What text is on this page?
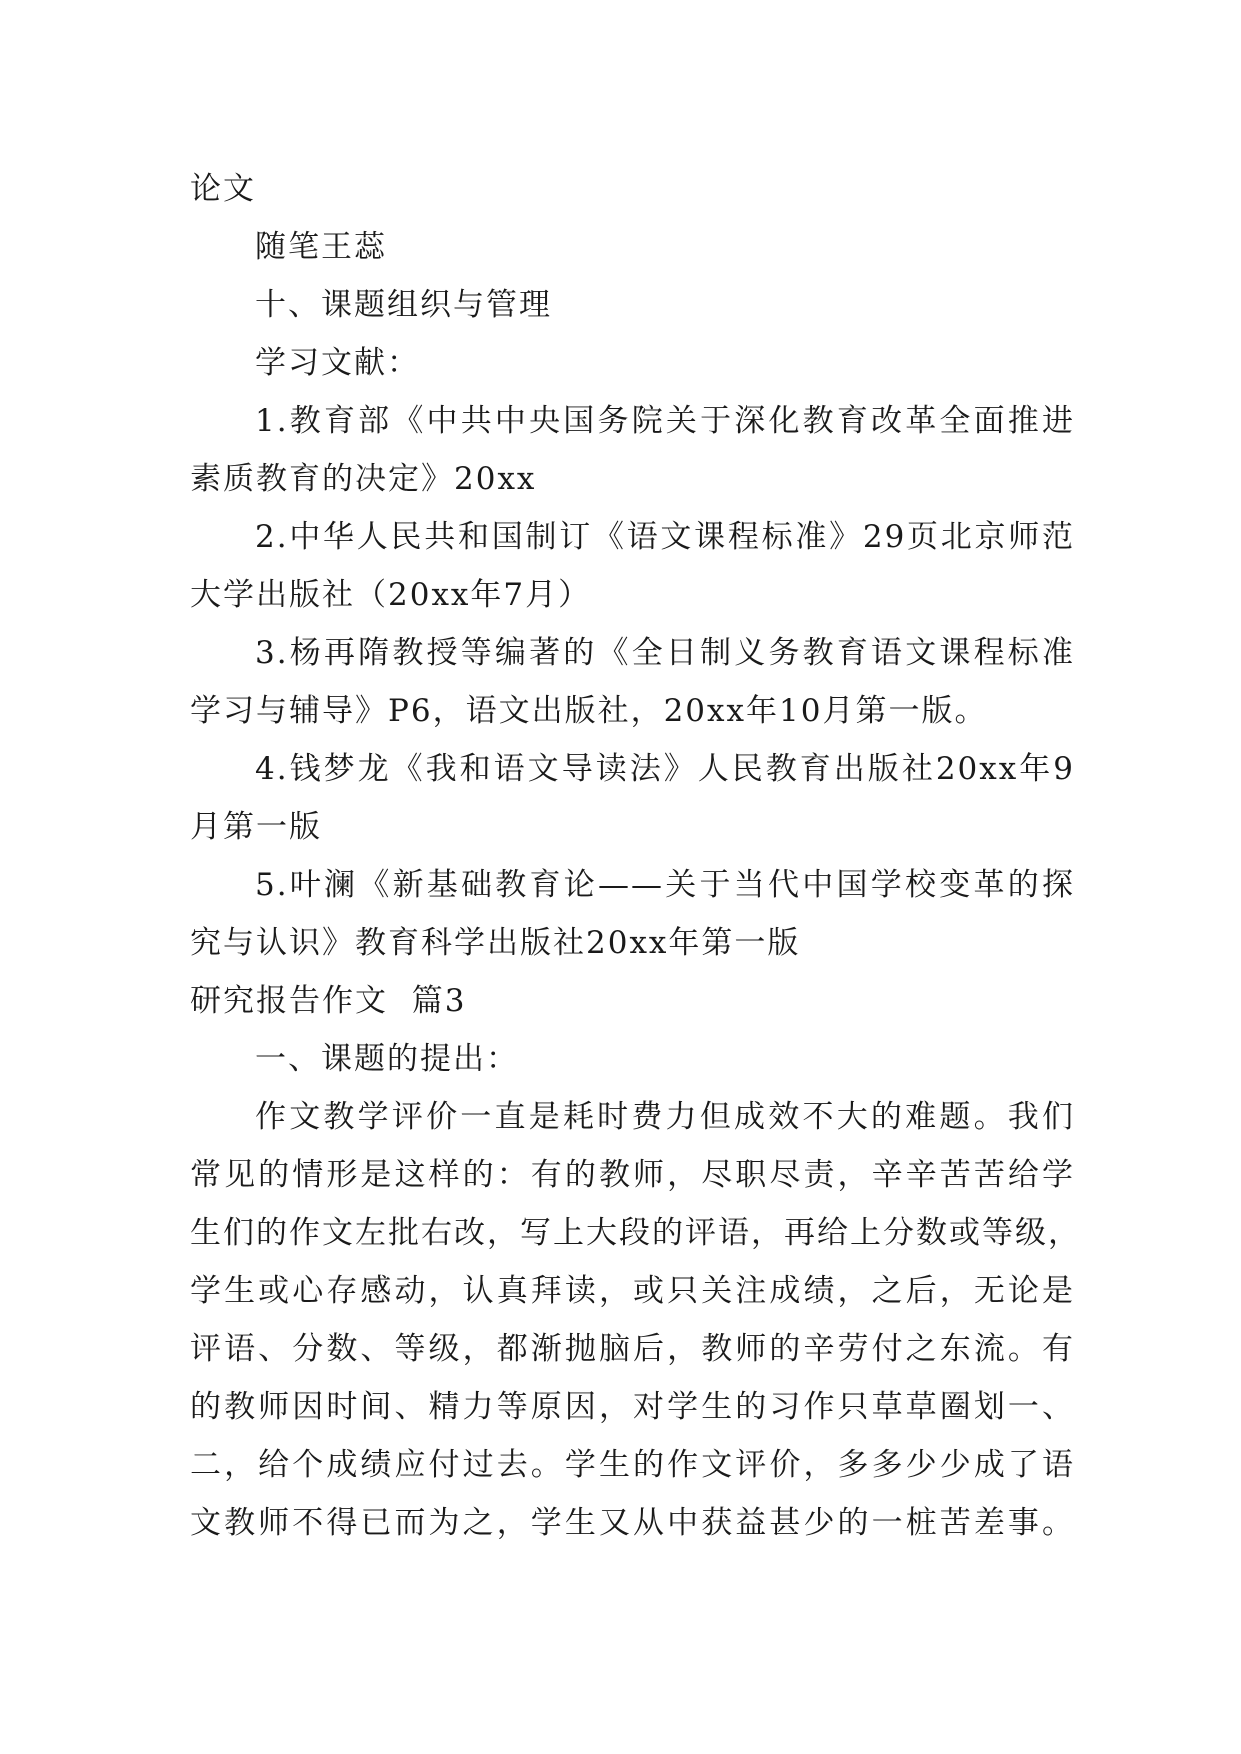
论文
随笔王蕊
十、课题组织与管理
学习文献：
1.教育部《中共中央国务院关于深化教育改革全面推进
素质教育的决定》20xx
2.中华人民共和国制订《语文课程标准》29页北京师范
大学出版社（20xx年7月）
3.杨再隋教授等编著的《全日制义务教育语文课程标准
学习与辅导》P6，语文出版社，20xx年10月第一版。
4.钱梦龙《我和语文导读法》人民教育出版社20xx年9
月第一版
5.叶澜《新基础教育论——关于当代中国学校变革的探
究与认识》教育科学出版社20xx年第一版
研究报告作文  篇3
一、课题的提出：
作文教学评价一直是耗时费力但成效不大的难题。我们
常见的情形是这样的：有的教师，尽职尽责，辛辛苦苦给学
生们的作文左批右改，写上大段的评语，再给上分数或等级，
学生或心存感动，认真拜读，或只关注成绩，之后，无论是
评语、分数、等级，都渐抛脑后，教师的辛劳付之东流。有
的教师因时间、精力等原因，对学生的习作只草草圈划一、
二，给个成绩应付过去。学生的作文评价，多多少少成了语
文教师不得已而为之，学生又从中获益甚少的一桩苦差事。
